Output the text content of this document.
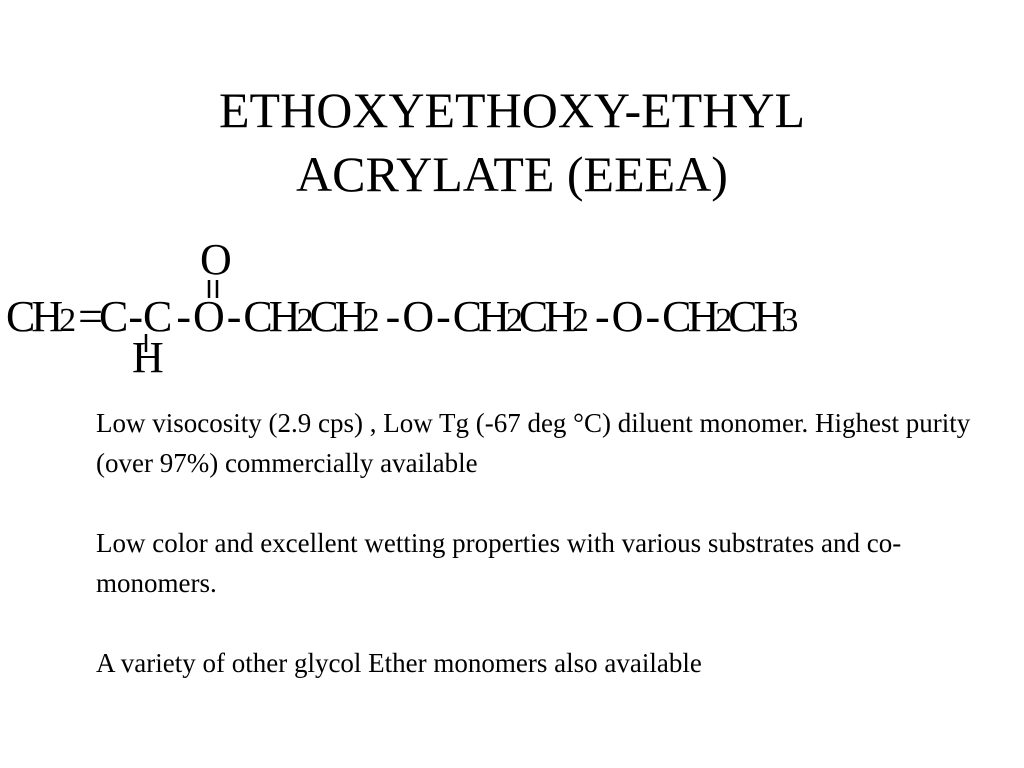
ETHOXYETHOXY-ETHYL
ACRYLATE (EEEA)
O
CH2 =C-C - O - CH2CH2 - O - CH2CH2 - O - CH2CH3
H

Low visocosity (2.9 cps) , Low Tg (-67 deg °C) diluent monomer. Highest purity (over 97%) commercially available

Low color and excellent wetting properties with various substrates and co-monomers.

A variety of other glycol Ether monomers also available
